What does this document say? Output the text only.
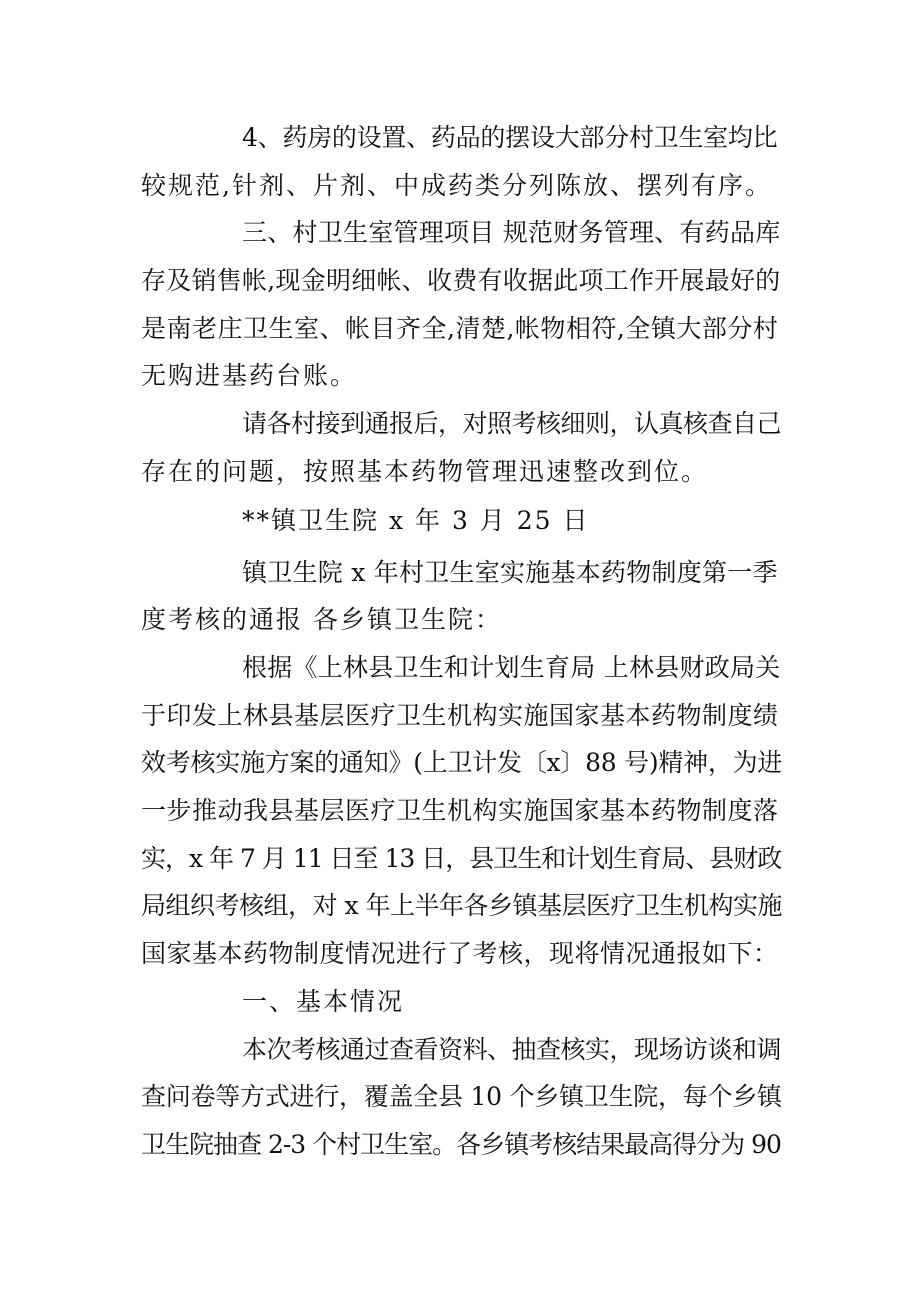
4、药房的设置、药品的摆设大部分村卫生室均比
较规范,针剂、片剂、中成药类分列陈放、摆列有序。
三、村卫生室管理项目 规范财务管理、有药品库
存及销售帐,现金明细帐、收费有收据此项工作开展最好的
是南老庄卫生室、帐目齐全,清楚,帐物相符,全镇大部分村
无购进基药台账。
请各村接到通报后，对照考核细则，认真核查自己
存在的问题，按照基本药物管理迅速整改到位。
**镇卫生院 x 年 3 月 25 日
镇卫生院 x 年村卫生室实施基本药物制度第一季
度考核的通报 各乡镇卫生院：
根据《上林县卫生和计划生育局 上林县财政局关
于印发上林县基层医疗卫生机构实施国家基本药物制度绩
效考核实施方案的通知》(上卫计发〔x〕88 号)精神，为进
一步推动我县基层医疗卫生机构实施国家基本药物制度落
实，x 年 7 月 11 日至 13 日，县卫生和计划生育局、县财政
局组织考核组，对 x 年上半年各乡镇基层医疗卫生机构实施
国家基本药物制度情况进行了考核，现将情况通报如下：
一、基本情况
本次考核通过查看资料、抽查核实，现场访谈和调
查问卷等方式进行，覆盖全县 10 个乡镇卫生院，每个乡镇
卫生院抽查 2-3 个村卫生室。各乡镇考核结果最高得分为 90
